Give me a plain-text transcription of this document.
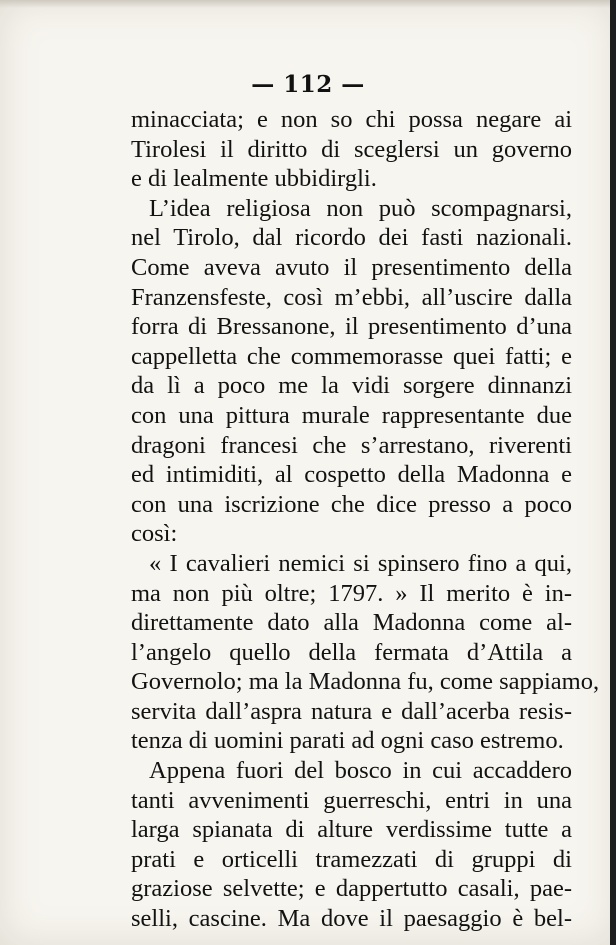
— 112 —
minacciata; e non so chi possa negare ai
Tirolesi il diritto di sceglersi un governo
e di lealmente ubbidirgli.
L’idea religiosa non può scompagnarsi,
nel Tirolo, dal ricordo dei fasti nazionali.
Come aveva avuto il presentimento della
Franzensfeste, così m’ebbi, all’uscire dalla
forra di Bressanone, il presentimento d’una
cappelletta che commemorasse quei fatti; e
da lì a poco me la vidi sorgere dinnanzi
con una pittura murale rappresentante due
dragoni francesi che s’arrestano, riverenti
ed intimiditi, al cospetto della Madonna e
con una iscrizione che dice presso a poco
così:
« I cavalieri nemici si spinsero fino a qui,
ma non più oltre; 1797. » Il merito è in-
direttamente dato alla Madonna come al-
l’angelo quello della fermata d’Attila a
Governolo; ma la Madonna fu, come sappiamo,
servita dall’aspra natura e dall’acerba resis-
tenza di uomini parati ad ogni caso estremo.
Appena fuori del bosco in cui accaddero
tanti avvenimenti guerreschi, entri in una
larga spianata di alture verdissime tutte a
prati e orticelli tramezzati di gruppi di
graziose selvette; e dappertutto casali, pae-
selli, cascine. Ma dove il paesaggio è bel-
